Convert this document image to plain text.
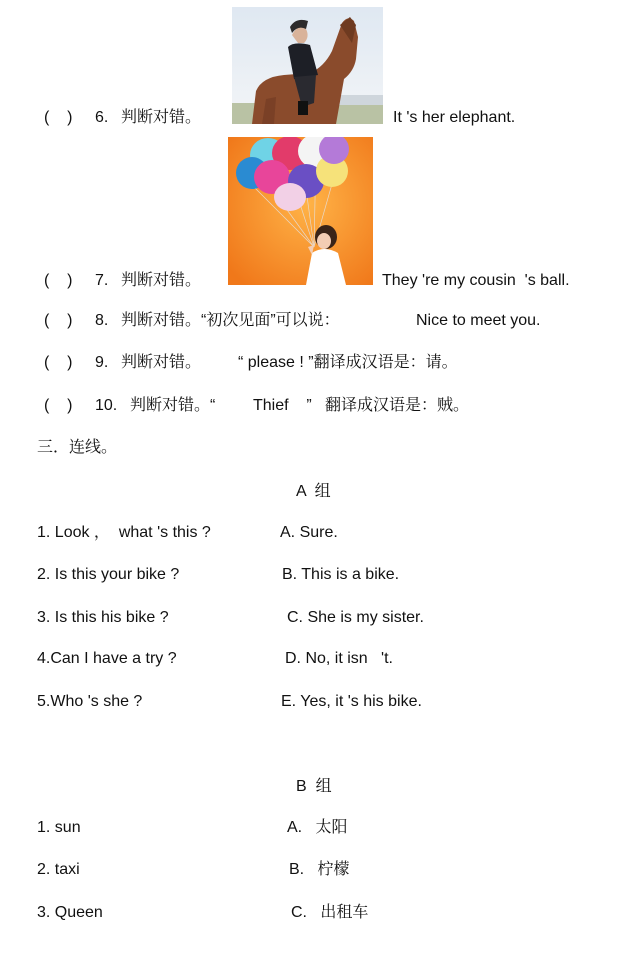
(    ) 6. 判断对错。	It 's her elephant.
(    ) 7. 判断对错。	They 're my cousin  's ball.
(    ) 8. 判断对错。“初次见面”可以说：	Nice to meet you.
(    ) 9. 判断对错。 “ please ! ”翻译成汉语是：请。
(    ) 10. 判断对错。“ Thief    ”   翻译成汉语是：贼。
三．连线。
A  组
1. Look ，  what 's this ?	A. Sure.
2. Is this your bike ?	B. This is a bike.
3. Is this his bike ?	C. She is my sister.
4.Can I have a try ?	D. No, it isn   't.
5.Who 's she ?	E. Yes, it 's his bike.
B  组
1. sun	A.   太阳
2. taxi	B.   柠檬
3. Queen	C.   出租车
